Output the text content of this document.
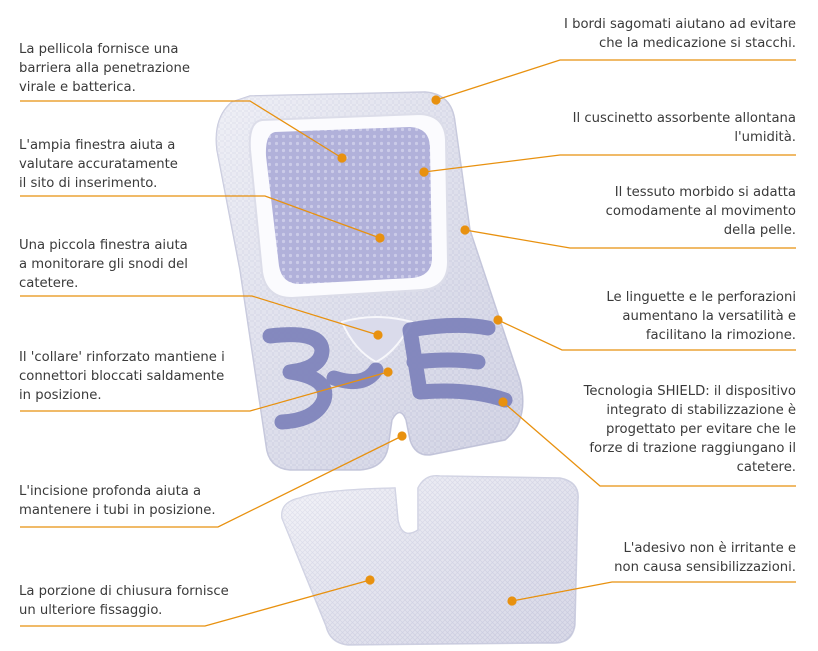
La pellicola fornisce una
barriera alla penetrazione
virale e batterica.
L'ampia finestra aiuta a
valutare accuratamente
il sito di inserimento.
Una piccola finestra aiuta
a monitorare gli snodi del
catetere.
Il 'collare' rinforzato mantiene i
connettori bloccati saldamente
in posizione.
L'incisione profonda aiuta a
mantenere i tubi in posizione.
La porzione di chiusura fornisce
un ulteriore fissaggio.
I bordi sagomati aiutano ad evitare
che la medicazione si stacchi.
Il cuscinetto assorbente allontana
l'umidità.
Il tessuto morbido si adatta
comodamente al movimento
della pelle.
Le linguette e le perforazioni
aumentano la versatilità e
facilitano la rimozione.
Tecnologia SHIELD: il dispositivo
integrato di stabilizzazione è
progettato per evitare che le
forze di trazione raggiungano il
catetere.
L'adesivo non è irritante e
non causa sensibilizzazioni.
